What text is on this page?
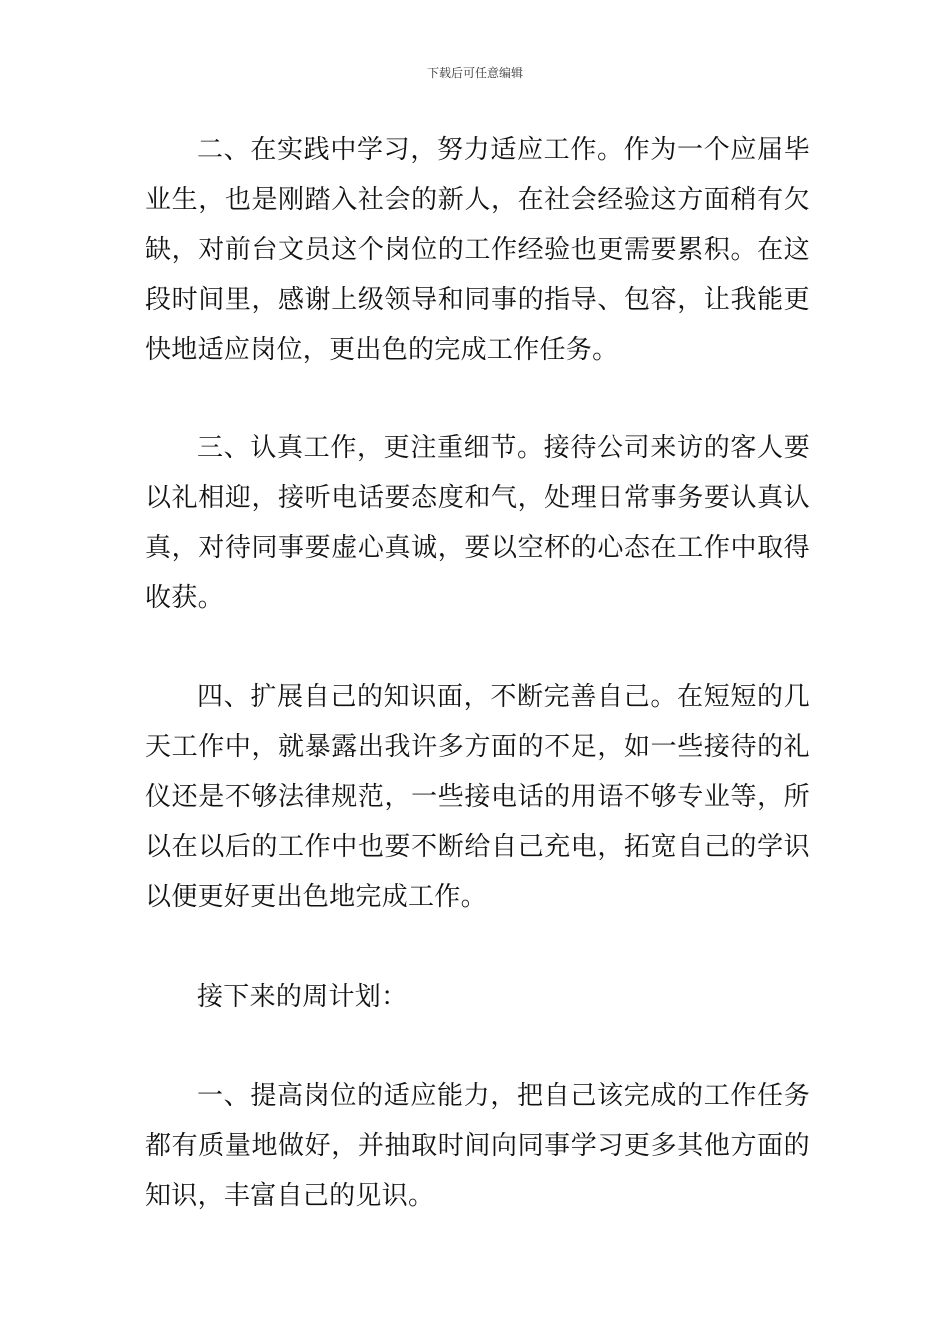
下载后可任意编辑

二、在实践中学习，努力适应工作。作为一个应届毕业生，也是刚踏入社会的新人，在社会经验这方面稍有欠缺，对前台文员这个岗位的工作经验也更需要累积。在这段时间里，感谢上级领导和同事的指导、包容，让我能更快地适应岗位，更出色的完成工作任务。

三、认真工作，更注重细节。接待公司来访的客人要以礼相迎，接听电话要态度和气，处理日常事务要认真认真，对待同事要虚心真诚，要以空杯的心态在工作中取得收获。

四、扩展自己的知识面，不断完善自己。在短短的几天工作中，就暴露出我许多方面的不足，如一些接待的礼仪还是不够法律规范，一些接电话的用语不够专业等，所以在以后的工作中也要不断给自己充电，拓宽自己的学识以便更好更出色地完成工作。

接下来的周计划：

一、提高岗位的适应能力，把自己该完成的工作任务都有质量地做好，并抽取时间向同事学习更多其他方面的知识，丰富自己的见识。
